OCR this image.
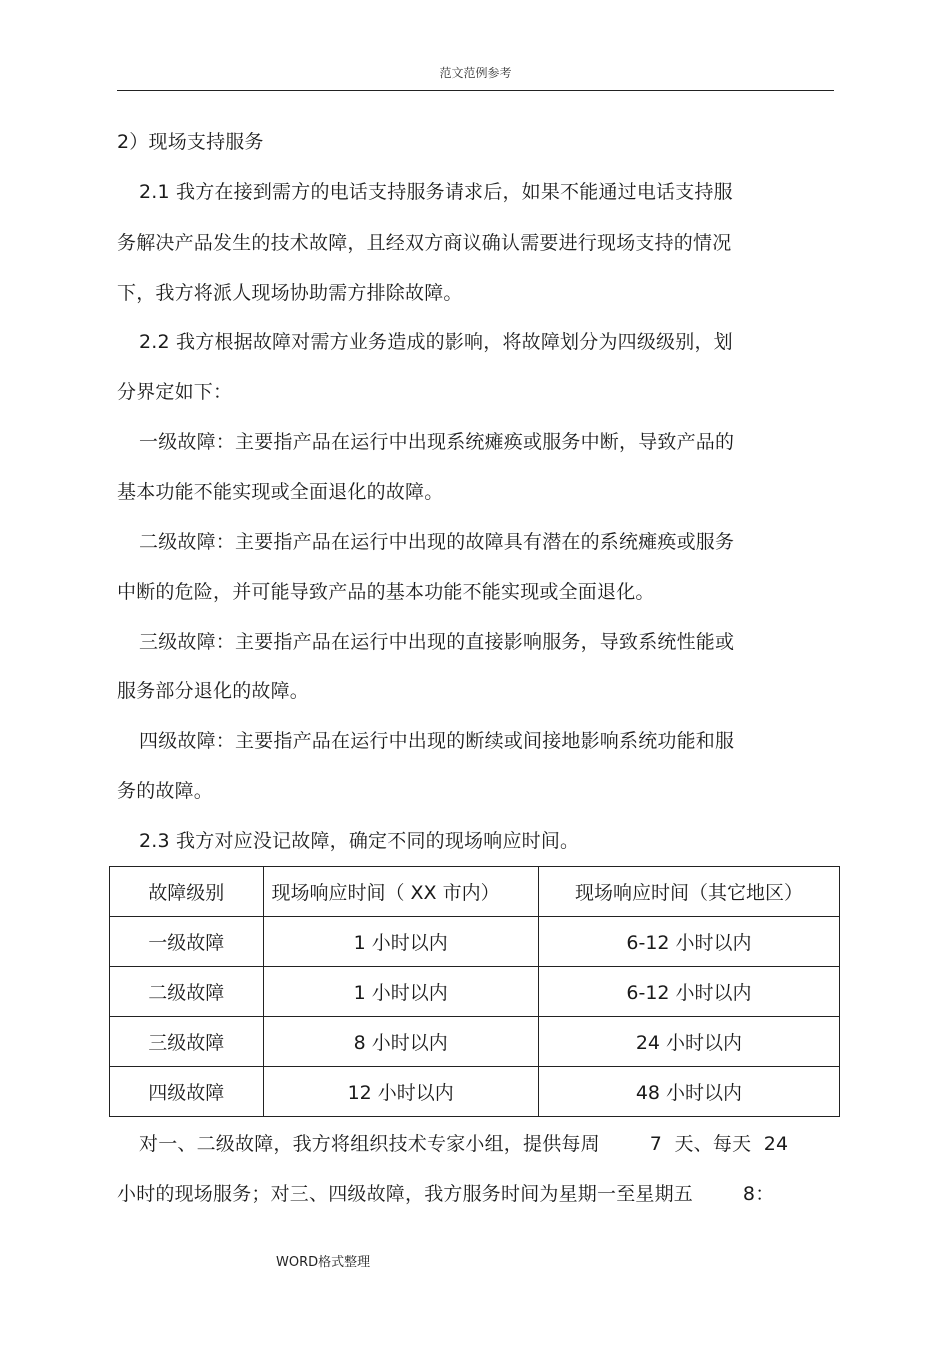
范文范例参考
2）现场支持服务
2.1 我方在接到需方的电话支持服务请求后，如果不能通过电话支持服
务解决产品发生的技术故障，且经双方商议确认需要进行现场支持的情况
下，我方将派人现场协助需方排除故障。
2.2 我方根据故障对需方业务造成的影响，将故障划分为四级级别，划
分界定如下：
一级故障：主要指产品在运行中出现系统瘫痪或服务中断，导致产品的
基本功能不能实现或全面退化的故障。
二级故障：主要指产品在运行中出现的故障具有潜在的系统瘫痪或服务
中断的危险，并可能导致产品的基本功能不能实现或全面退化。
三级故障：主要指产品在运行中出现的直接影响服务，导致系统性能或
服务部分退化的故障。
四级故障：主要指产品在运行中出现的断续或间接地影响系统功能和服
务的故障。
2.3 我方对应没记故障，确定不同的现场响应时间。
故障级别	现场响应时间（ XX 市内）	现场响应时间（其它地区）
一级故障	1 小时以内	6-12 小时以内
二级故障	1 小时以内	6-12 小时以内
三级故障	8 小时以内	24 小时以内
四级故障	12 小时以内	48 小时以内
对一、二级故障，我方将组织技术专家小组，提供每周        7  天、每天  24
小时的现场服务；对三、四级故障，我方服务时间为星期一至星期五        8：
WORD格式整理
